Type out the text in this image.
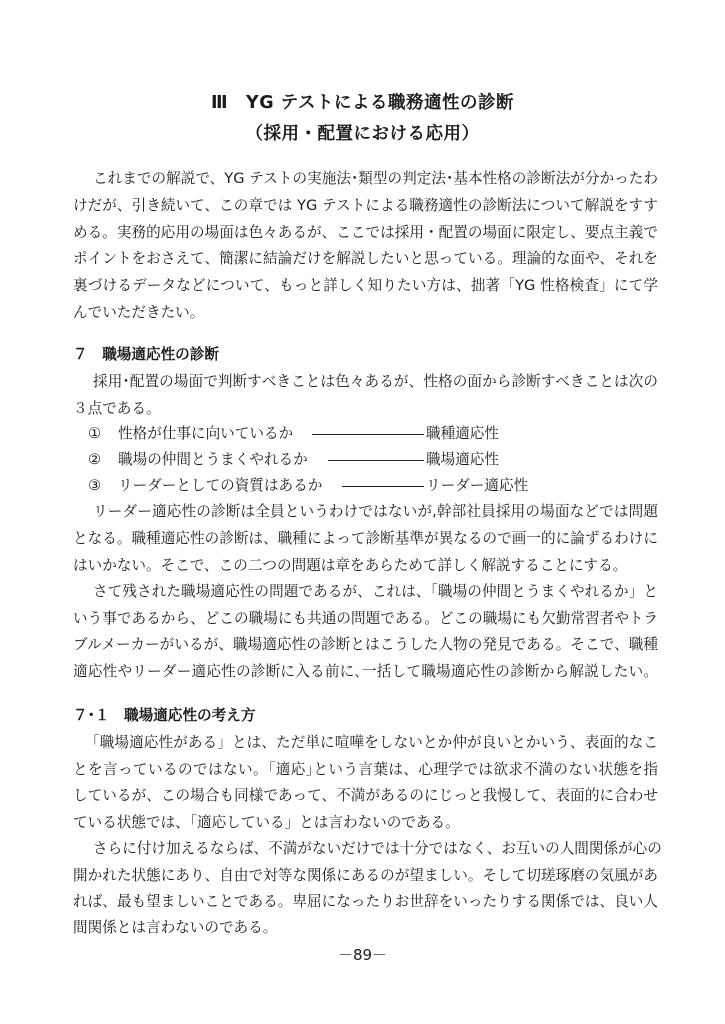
Ⅲ　YG テストによる職務適性の診断
（採用・配置における応用）
これまでの解説で、YG テストの実施法･類型の判定法･基本性格の診断法が分かったわ
けだが、引き続いて、この章では YG テストによる職務適性の診断法について解説をすす
める。実務的応用の場面は色々あるが、ここでは採用・配置の場面に限定し、要点主義で
ポイントをおさえて、簡潔に結論だけを解説したいと思っている。理論的な面や、それを
裏づけるデータなどについて、もっと詳しく知りたい方は、拙著「YG 性格検査」にて学
んでいただきたい。
７　職場適応性の診断
採用･配置の場面で判断すべきことは色々あるが、性格の面から診断すべきことは次の
３点である。
① 性格が仕事に向いているか	職種適応性
② 職場の仲間とうまくやれるか	職場適応性
③ リーダーとしての資質はあるか	リーダー適応性
リーダー適応性の診断は全員というわけではないが,幹部社員採用の場面などでは問題
となる。職種適応性の診断は、職種によって診断基準が異なるので画一的に論ずるわけに
はいかない。そこで、この二つの問題は章をあらためて詳しく解説することにする。
さて残された職場適応性の問題であるが、これは、「職場の仲間とうまくやれるか」と
いう事であるから、どこの職場にも共通の問題である。どこの職場にも欠勤常習者やトラ
ブルメーカーがいるが、職場適応性の診断とはこうした人物の発見である。そこで、職種
適応性やリーダー適応性の診断に入る前に､一括して職場適応性の診断から解説したい。
７･１　職場適応性の考え方
「職場適応性がある」とは、ただ単に喧嘩をしないとか仲が良いとかいう、表面的なこ
とを言っているのではない。｢適応｣という言葉は、心理学では欲求不満のない状態を指
しているが、この場合も同様であって、不満があるのにじっと我慢して、表面的に合わせ
ている状態では、｢適応している」とは言わないのである。
さらに付け加えるならば、不満がないだけでは十分ではなく、お互いの人間関係が心の
開かれた状態にあり、自由で対等な関係にあるのが望ましい。そして切瑳琢磨の気風があ
れば、最も望ましいことである。卑屈になったりお世辞をいったりする関係では、良い人
間関係とは言わないのである。
－89－
